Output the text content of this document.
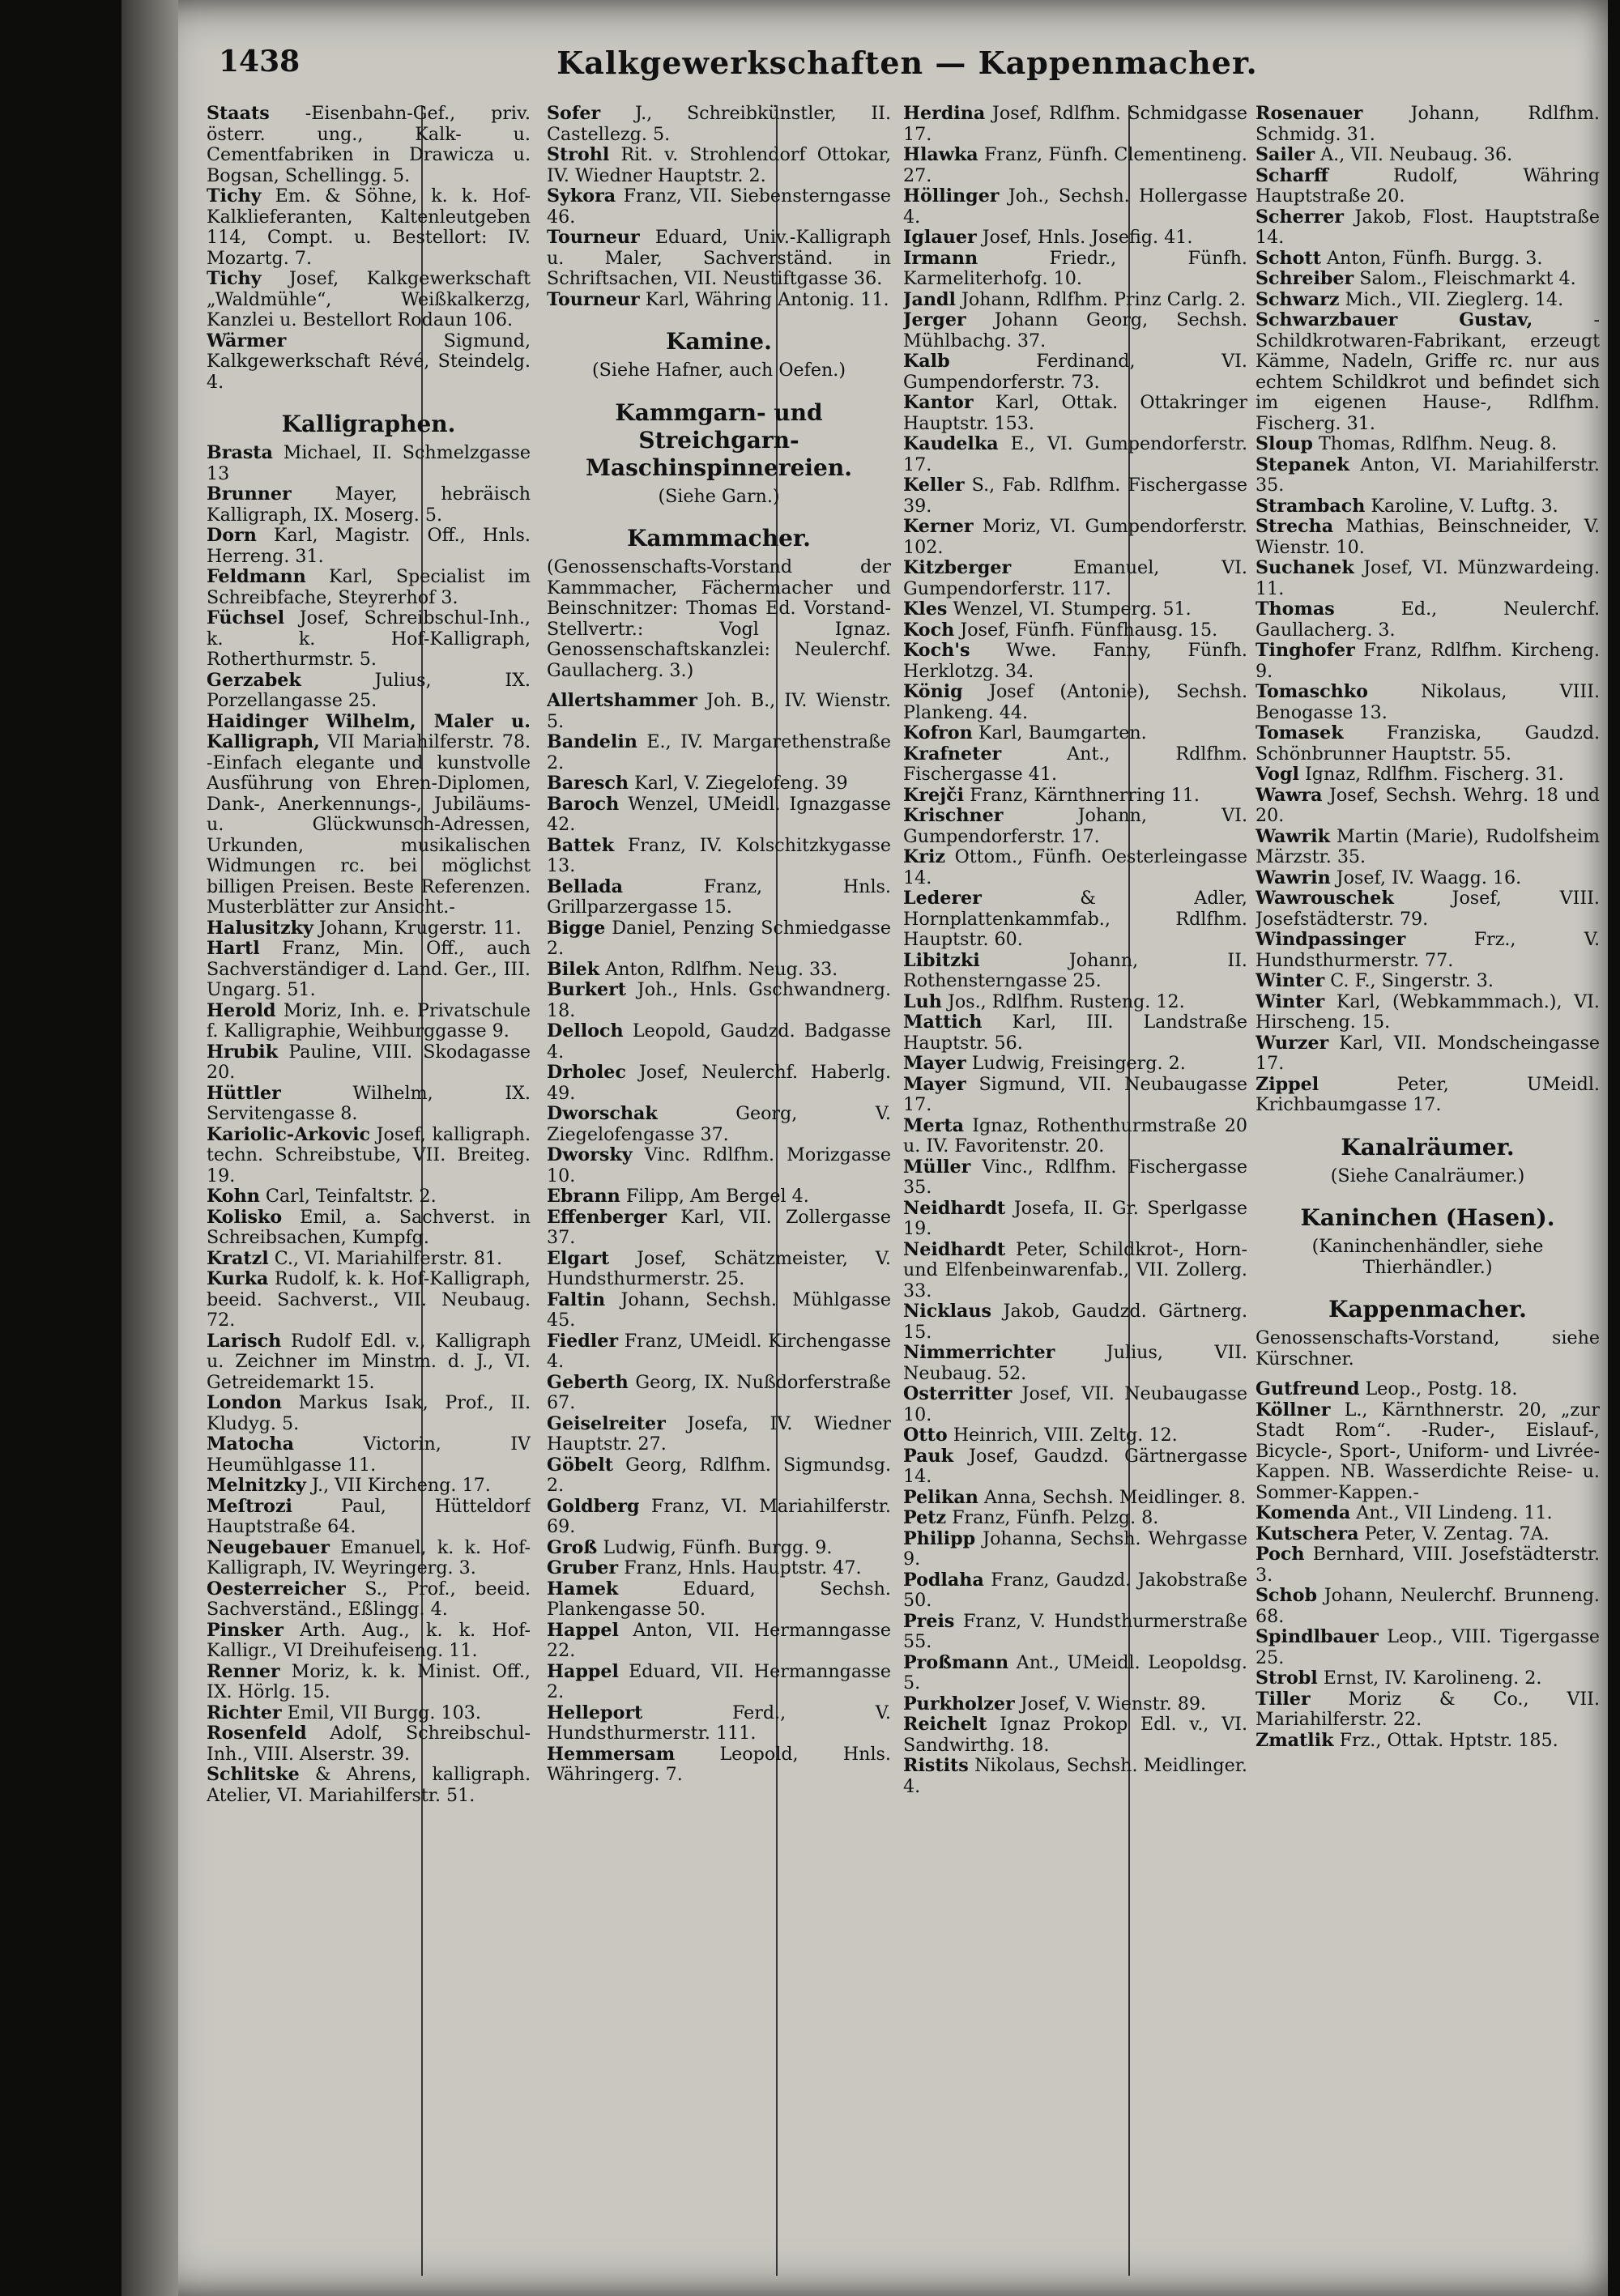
1438	Kalkgewerkschaften — Kappenmacher.

Staats -Eisenbahn-Gef., priv. österr. ung., Kalk- u. Cementfabriken in Drawicza u. Bogsan, Schellingg. 5.

Tichy Em. & Söhne, k. k. Hof-Kalklieferanten, Kaltenleutgeben 114, Compt. u. Bestellort: IV. Mozartg. 7.

Tichy Josef, Kalkgewerkschaft „Waldmühle“, Weißkalkerzg, Kanzlei u. Bestellort Rodaun 106.

Wärmer	Sigmund, Kalkgewerkschaft Révé, Steindelg. 4.

Kalligraphen.

Brasta Michael, II. Schmelzgasse 13

Brunner Mayer, hebräisch Kalligraph, IX. Moserg. 5.

Dorn Karl, Magistr. Off., Hnls. Herreng. 31.

Feldmann Karl, Specialist im Schreibfache, Steyrerhof 3.

Füchsel Josef, Schreibschul-Inh., k. k. Hof-Kalligraph, Rotherthurmstr. 5.

Gerzabek	Julius, IX. Porzellangasse 25.

Haidinger Wilhelm, Maler u. Kalligraph, VII Mariahilferstr. 78. -Einfach elegante und kunstvolle Ausführung von Ehren-Diplomen, Dank-, Anerkennungs-, Jubiläums- u. Glückwunsch-Adressen, Urkunden, musikalischen Widmungen rc. bei möglichst billigen Preisen. Beste Referenzen. Musterblätter zur Ansicht.-

Halusitzky Johann, Krugerstr. 11.

Hartl Franz, Min. Off., auch Sachverständiger d. Land. Ger., III. Ungarg. 51.

Herold Moriz, Inh. e. Privatschule f. Kalligraphie, Weihburggasse 9.

Hrubik Pauline, VIII. Skodagasse 20.

Hüttler	Wilhelm, IX. Servitengasse 8.

Kariolic-Arkovic Josef, kalligraph. techn. Schreibstube, VII. Breiteg. 19.

Kohn Carl, Teinfaltstr. 2.

Kolisko Emil, a. Sachverst. in Schreibsachen, Kumpfg.

Kratzl C., VI. Mariahilferstr. 81.

Kurka Rudolf, k. k. Hof-Kalligraph, beeid. Sachverst., VII. Neubaug. 72.

Larisch Rudolf Edl. v., Kalligraph u. Zeichner im Minstm. d. J., VI. Getreidemarkt 15.

London Markus Isak, Prof., II. Kludyg. 5.

Matocha	Victorin, IV Heumühlgasse 11.

Melnitzky J., VII Kircheng. 17.

Meſtrozi	Paul, Hütteldorf Hauptstraße 64.

Neugebauer Emanuel, k. k. Hof-Kalligraph, IV. Weyringerg. 3.

Oesterreicher S., Prof., beeid. Sachverständ., Eßlingg. 4.

Pinsker Arth. Aug., k. k. Hof-Kalligr., VI Dreihufeiseng. 11.

Renner Moriz, k. k. Minist. Off., IX. Hörlg. 15.

Richter Emil, VII Burgg. 103.

Rosenfeld Adolf, Schreibschul-Inh., VIII. Alserstr. 39.

Schlitske & Ahrens, kalligraph. Atelier, VI. Mariahilferstr. 51.

Sofer J., Schreibkünstler, II. Castellezg. 5.

Strohl Rit. v. Strohlendorf Ottokar, IV. Wiedner Hauptstr. 2.

Sykora Franz, VII. Siebensterngasse 46.

Tourneur Eduard, Univ.-Kalligraph u. Maler, Sachverständ. in Schriftsachen, VII. Neustiftgasse 36.

Tourneur Karl, Währing Antonig. 11.

Kamine.
(Siehe Hafner, auch Oefen.)
Kammgarn- und Streichgarn-Maschinspinnereien.
(Siehe Garn.)
Kammmacher.
(Genossenschafts-Vorstand der Kammmacher, Fächermacher und Beinschnitzer: Thomas Ed. Vorstand-Stellvertr.: Vogl Ignaz. Genossenschaftskanzlei: Neulerchf. Gaullacherg. 3.)

Allertshammer Joh. B., IV. Wienstr. 5.

Bandelin E., IV. Margarethenstraße 2.

Baresch Karl, V. Ziegelofeng. 39

Baroch Wenzel, UMeidl. Ignazgasse 42.

Battek Franz, IV. Kolschitzkygasse 13.

Bellada	Franz, Hnls. Grillparzergasse 15.

Bigge Daniel, Penzing Schmiedgasse 2.

Bilek Anton, Rdlfhm. Neug. 33.

Burkert Joh., Hnls. Gschwandnerg. 18.

Delloch Leopold, Gaudzd. Badgasse 4.

Drholec Josef, Neulerchf. Haberlg. 49.

Dworschak	Georg, V. Ziegelofengasse 37.

Dworsky Vinc. Rdlfhm. Morizgasse 10.

Ebrann Filipp, Am Bergel 4.

Effenberger Karl, VII. Zollergasse 37.

Elgart Josef, Schätzmeister, V. Hundsthurmerstr. 25.

Faltin Johann, Sechsh. Mühlgasse 45.

Fiedler Franz, UMeidl. Kirchengasse 4.

Geberth Georg, IX. Nußdorferstraße 67.

Geiselreiter Josefa, IV. Wiedner Hauptstr. 27.

Göbelt Georg, Rdlfhm. Sigmundsg. 2.

Goldberg Franz, VI. Mariahilferstr. 69.

Groß Ludwig, Fünfh. Burgg. 9.

Gruber Franz, Hnls. Hauptstr. 47.

Hamek	Eduard, Sechsh. Plankengasse 50.

Happel Anton, VII. Hermanngasse 22.

Happel Eduard, VII. Hermanngasse 2.

Helleport	Ferd., V. Hundsthurmerstr. 111.

Hemmersam Leopold, Hnls. Währingerg. 7.

Herdina Josef, Rdlfhm. Schmidgasse 17.

Hlawka Franz, Fünfh. Clementineng. 27.

Höllinger Joh., Sechsh. Hollergasse 4.

Iglauer Josef, Hnls. Josefig. 41.

Irmann	Friedr., Fünfh. Karmeliterhofg. 10.

Jandl Johann, Rdlfhm. Prinz Carlg. 2.

Jerger Johann Georg, Sechsh. Mühlbachg. 37.

Kalb	Ferdinand, VI. Gumpendorferstr. 73.

Kantor Karl, Ottak. Ottakringer Hauptstr. 153.

Kaudelka E., VI. Gumpendorferstr. 17.

Keller S., Fab. Rdlfhm. Fischergasse 39.

Kerner Moriz, VI. Gumpendorferstr. 102.

Kitzberger	Emanuel, VI. Gumpendorferstr. 117.

Kles Wenzel, VI. Stumperg. 51.

Koch Josef, Fünfh. Fünfhausg. 15.

Koch's Wwe. Fanny, Fünfh. Herklotzg. 34.

König Josef (Antonie), Sechsh. Plankeng. 44.

Kofron Karl, Baumgarten.

Krafneter	Ant., Rdlfhm. Fischergasse 41.

Krejči Franz, Kärnthnerring 11.

Krischner	Johann, VI. Gumpendorferstr. 17.

Kriz Ottom., Fünfh. Oesterleingasse 14.

Lederer	& Adler, Hornplattenkammfab., Rdlfhm. Hauptstr. 60.

Libitzki	Johann, II. Rothensterngasse 25.

Luh Jos., Rdlfhm. Rusteng. 12.

Mattich Karl, III. Landstraße Hauptstr. 56.

Mayer Ludwig, Freisingerg. 2.

Mayer Sigmund, VII. Neubaugasse 17.

Merta Ignaz, Rothenthurmstraße 20 u. IV. Favoritenstr. 20.

Müller Vinc., Rdlfhm. Fischergasse 35.

Neidhardt Josefa, II. Gr. Sperlgasse 19.

Neidhardt Peter, Schildkrot-, Horn- und Elfenbeinwarenfab., VII. Zollerg. 33.

Nicklaus Jakob, Gaudzd. Gärtnerg. 15.

Nimmerrichter	Julius, VII. Neubaug. 52.

Osterritter Josef, VII. Neubaugasse 10.

Otto Heinrich, VIII. Zeltg. 12.

Pauk Josef, Gaudzd. Gärtnergasse 14.

Pelikan Anna, Sechsh. Meidlinger. 8.

Petz Franz, Fünfh. Pelzg. 8.

Philipp Johanna, Sechsh. Wehrgasse 9.

Podlaha Franz, Gaudzd. Jakobstraße 50.

Preis Franz, V. Hundsthurmerstraße 55.

Proßmann Ant., UMeidl. Leopoldsg. 5.

Purkholzer Josef, V. Wienstr. 89.

Reichelt Ignaz Prokop Edl. v., VI. Sandwirthg. 18.

Ristits Nikolaus, Sechsh. Meidlinger. 4.

Rosenauer	Johann, Rdlfhm. Schmidg. 31.

Sailer A., VII. Neubaug. 36.

Scharff	Rudolf, Währing Hauptstraße 20.

Scherrer Jakob, Flost. Hauptstraße 14.

Schott Anton, Fünfh. Burgg. 3.

Schreiber Salom., Fleischmarkt 4.

Schwarz Mich., VII. Zieglerg. 14.

Schwarzbauer Gustav,	-Schildkrotwaren-Fabrikant, erzeugt Kämme, Nadeln, Griffe rc. nur aus echtem Schildkrot und befindet sich im eigenen Hause-, Rdlfhm. Fischerg. 31.

Sloup Thomas, Rdlfhm. Neug. 8.

Stepanek Anton, VI. Mariahilferstr. 35.

Strambach Karoline, V. Luftg. 3.

Strecha Mathias, Beinschneider, V. Wienstr. 10.

Suchanek Josef, VI. Münzwardeing. 11.

Thomas	Ed., Neulerchf. Gaullacherg. 3.

Tinghofer Franz, Rdlfhm. Kircheng. 9.

Tomaschko	Nikolaus, VIII. Benogasse 13.

Tomasek Franziska, Gaudzd. Schönbrunner Hauptstr. 55.

Vogl Ignaz, Rdlfhm. Fischerg. 31.

Wawra Josef, Sechsh. Wehrg. 18 und 20.

Wawrik Martin (Marie), Rudolfsheim Märzstr. 35.

Wawrin Josef, IV. Waagg. 16.

Wawrouschek	Josef, VIII. Josefstädterstr. 79.

Windpassinger	Frz., V. Hundsthurmerstr. 77.

Winter C. F., Singerstr. 3.

Winter Karl, (Webkammmach.), VI. Hirscheng. 15.

Wurzer Karl, VII. Mondscheingasse 17.

Zippel	Peter, UMeidl. Krichbaumgasse 17.

Kanalräumer.
(Siehe Canalräumer.)
Kaninchen (Hasen).
(Kaninchenhändler, siehe Thierhändler.)
Kappenmacher.
Genossenschafts-Vorstand, siehe Kürschner.

Gutfreund Leop., Postg. 18.

Köllner L., Kärnthnerstr. 20, „zur Stadt Rom“. -Ruder-, Eislauf-, Bicycle-, Sport-, Uniform- und Livrée-Kappen. NB. Wasserdichte Reise- u. Sommer-Kappen.-

Komenda Ant., VII Lindeng. 11.

Kutschera Peter, V. Zentag. 7A.

Poch Bernhard, VIII. Josefstädterstr. 3.

Schob Johann, Neulerchf. Brunneng. 68.

Spindlbauer Leop., VIII. Tigergasse 25.

Strobl Ernst, IV. Karolineng. 2.

Tiller Moriz & Co., VII. Mariahilferstr. 22.

Zmatlik Frz., Ottak. Hptstr. 185.
